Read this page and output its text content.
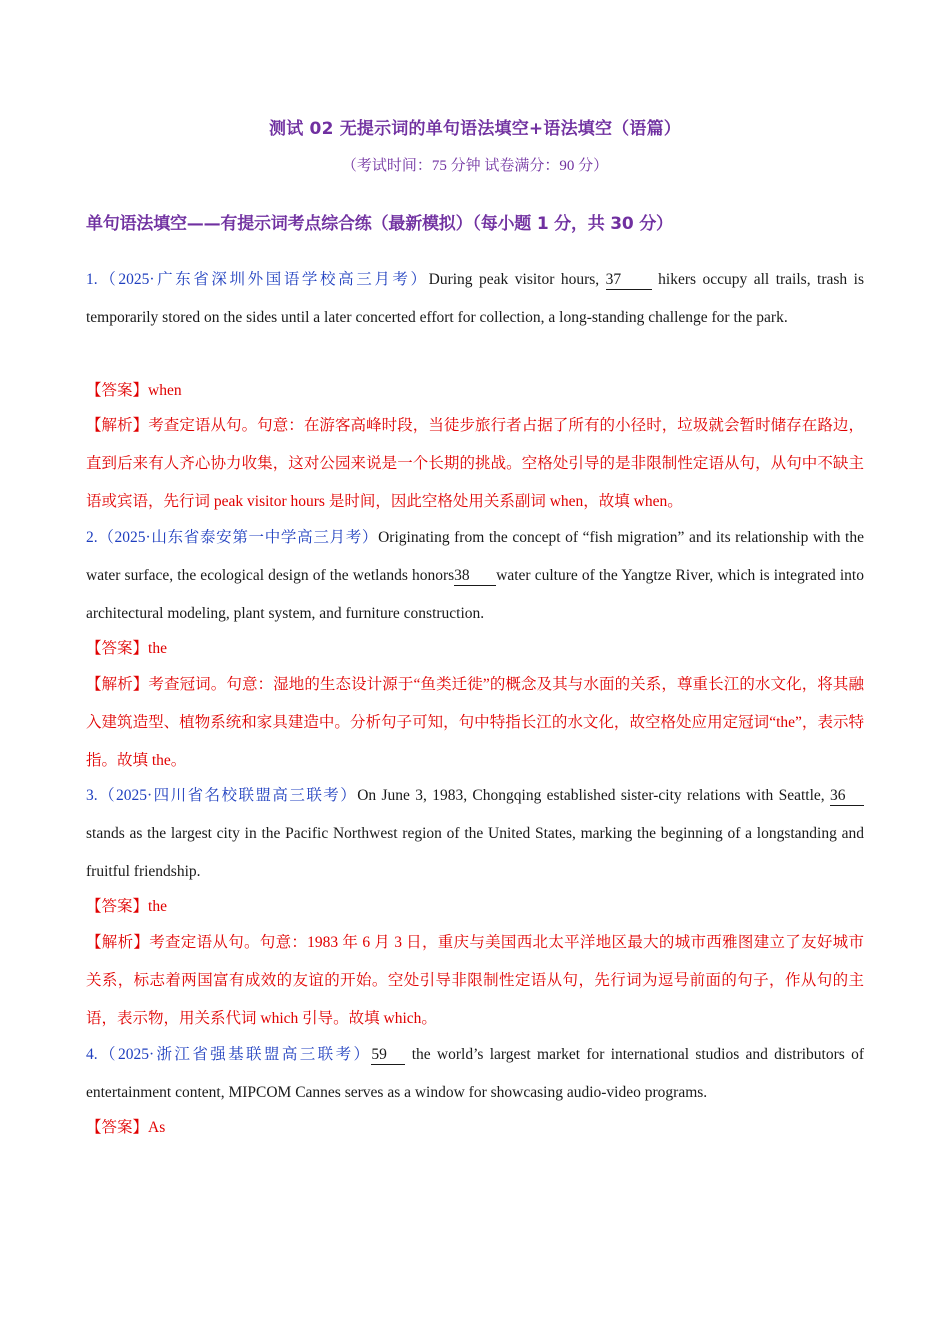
测试 02 无提示词的单句语法填空+语法填空（语篇）
（考试时间：75 分钟 试卷满分：90 分）
单句语法填空——有提示词考点综合练（最新模拟）（每小题 1 分，共 30 分）
1.（2025·广东省深圳外国语学校高三月考）During peak visitor hours, 37 hikers occupy all trails, trash is temporarily stored on the sides until a later concerted effort for collection, a long-standing challenge for the park.
【答案】when
【解析】考查定语从句。句意：在游客高峰时段，当徒步旅行者占据了所有的小径时，垃圾就会暂时储存在路边，直到后来有人齐心协力收集，这对公园来说是一个长期的挑战。空格处引导的是非限制性定语从句，从句中不缺主语或宾语，先行词 peak visitor hours 是时间，因此空格处用关系副词 when，故填 when。
2.（2025·山东省泰安第一中学高三月考）Originating from the concept of “fish migration” and its relationship with the water surface, the ecological design of the wetlands honors38 water culture of the Yangtze River, which is integrated into architectural modeling, plant system, and furniture construction.
【答案】the
【解析】考查冠词。句意：湿地的生态设计源于“鱼类迁徙”的概念及其与水面的关系，尊重长江的水文化，将其融入建筑造型、植物系统和家具建造中。分析句子可知，句中特指长江的水文化，故空格处应用定冠词“the”，表示特指。故填 the。
3.（2025·四川省名校联盟高三联考）On June 3, 1983, Chongqing established sister-city relations with Seattle, 36 stands as the largest city in the Pacific Northwest region of the United States, marking the beginning of a longstanding and fruitful friendship.
【答案】the
【解析】考查定语从句。句意：1983 年 6 月 3 日，重庆与美国西北太平洋地区最大的城市西雅图建立了友好城市关系，标志着两国富有成效的友谊的开始。空处引导非限制性定语从句，先行词为逗号前面的句子，作从句的主语，表示物，用关系代词 which 引导。故填 which。
4.（2025·浙江省强基联盟高三联考）59 the world’s largest market for international studios and distributors of entertainment content, MIPCOM Cannes serves as a window for showcasing audio-video programs.
【答案】As
